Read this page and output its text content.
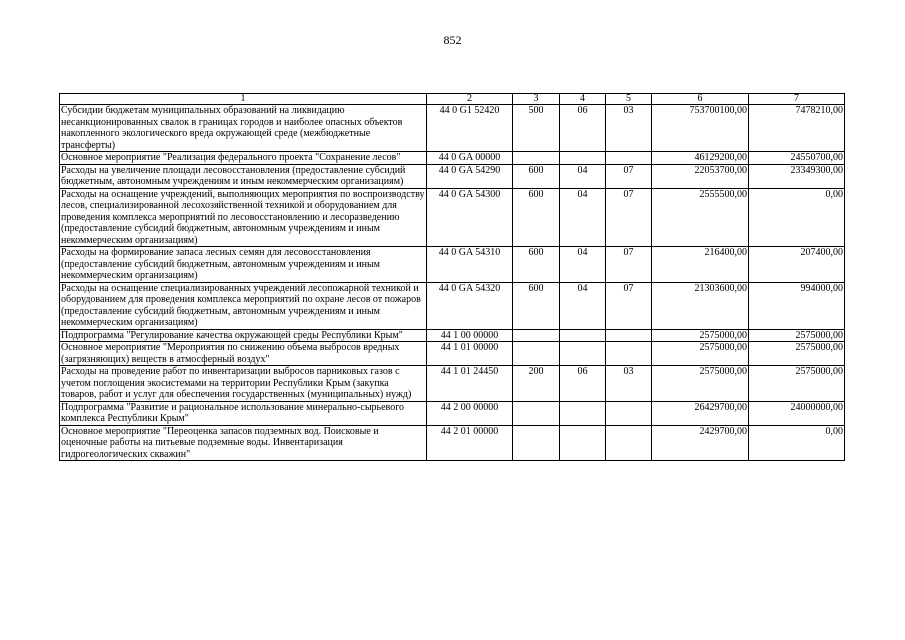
852
1	2	3	4	5	6	7
Субсидии бюджетам муниципальных образований на ликвидацию несанкционированных свалок в границах городов и наиболее опасных объектов накопленного экологического вреда окружающей среде (межбюджетные трансферты)	44 0 G1 52420	500	06	03	753700100,00	7478210,00
Основное мероприятие "Реализация федерального проекта "Сохранение лесов"	44 0 GA 00000				46129200,00	24550700,00
Расходы на увеличение площади лесовосстановления (предоставление субсидий бюджетным, автономным учреждениям и иным некоммерческим организациям)	44 0 GA 54290	600	04	07	22053700,00	23349300,00
Расходы на оснащение учреждений, выполняющих мероприятия по воспроизводству лесов, специализированной лесохозяйственной техникой и оборудованием для проведения комплекса мероприятий по лесовосстановлению и лесоразведению (предоставление субсидий бюджетным, автономным учреждениям и иным некоммерческим организациям)	44 0 GA 54300	600	04	07	2555500,00	0,00
Расходы на формирование запаса лесных семян для лесовосстановления (предоставление субсидий бюджетным, автономным учреждениям и иным некоммерческим организациям)	44 0 GA 54310	600	04	07	216400,00	207400,00
Расходы на оснащение специализированных учреждений лесопожарной техникой и оборудованием для проведения комплекса мероприятий по охране лесов от пожаров (предоставление субсидий бюджетным, автономным учреждениям и иным некоммерческим организациям)	44 0 GA 54320	600	04	07	21303600,00	994000,00
Подпрограмма "Регулирование качества окружающей среды Республики Крым"	44 1 00 00000				2575000,00	2575000,00
Основное мероприятие "Мероприятия по снижению объема выбросов вредных (загрязняющих) веществ в атмосферный воздух"	44 1 01 00000				2575000,00	2575000,00
Расходы на проведение работ по инвентаризации выбросов парниковых газов с учетом поглощения экосистемами на территории Республики Крым (закупка товаров, работ и услуг для обеспечения государственных (муниципальных) нужд)	44 1 01 24450	200	06	03	2575000,00	2575000,00
Подпрограмма "Развитие и рациональное использование минерально-сырьевого комплекса Республики Крым"	44 2 00 00000				26429700,00	24000000,00
Основное мероприятие "Переоценка запасов подземных вод. Поисковые и оценочные работы на питьевые подземные воды. Инвентаризация гидрогеологических скважин"	44 2 01 00000				2429700,00	0,00
